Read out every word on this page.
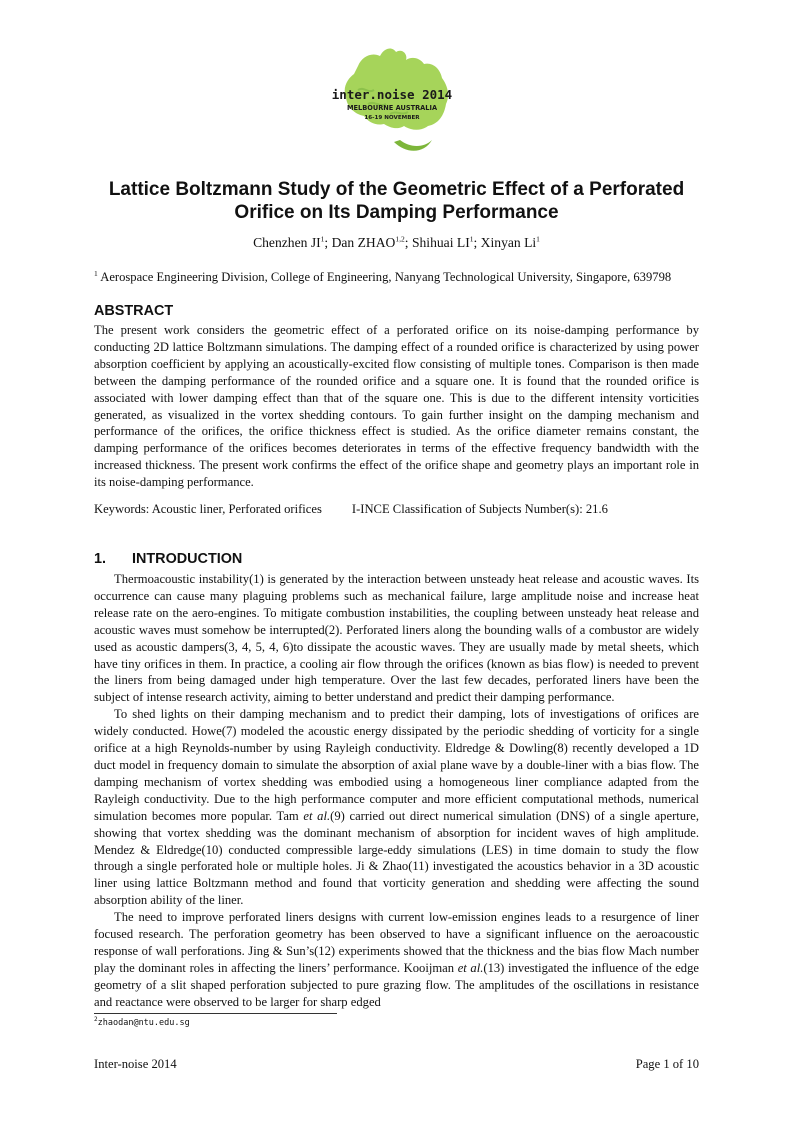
inter.noise 2014
MELBOURNE AUSTRALIA
16-19 NOVEMBER
Lattice Boltzmann Study of the Geometric Effect of a Perforated
Orifice on Its Damping Performance
Chenzhen $JI^1$; Dan ZHAO$^{1,2}$; Shihuai $LI^1$; Xinyan Li$^1$
$^1$ Aerospace Engineering Division, College of Engineering, Nanyang Technological University, Singapore, 639798
ABSTRACT

The present work considers the geometric effect of a perforated orifice on its noise-damping performance by conducting 2D lattice Boltzmann simulations. The damping effect of a rounded orifice is characterized by using power absorption coefficient by applying an acoustically-excited flow consisting of multiple tones. Comparison is then made between the damping performance of the rounded orifice and a square one. It is found that the rounded orifice is associated with lower damping effect than that of the square one. This is due to the different intensity vorticities generated, as visualized in the vortex shedding contours. To gain further insight on the damping mechanism and performance of the orifices, the orifice thickness effect is studied. As the orifice diameter remains constant, the damping performance of the orifices becomes deteriorates in terms of the effective frequency bandwidth with the increased thickness. The present work confirms the effect of the orifice shape and geometry plays an important role in its noise-damping performance.

Keywords: Acoustic liner, Perforated orifices I-INCE Classification of Subjects Number(s): 21.6
1. INTRODUCTION

Thermoacoustic instability(1) is generated by the interaction between unsteady heat release and acoustic waves. Its occurrence can cause many plaguing problems such as mechanical failure, large amplitude noise and increase heat release rate on the aero-engines. To mitigate combustion instabilities, the coupling between unsteady heat release and acoustic waves must somehow be interrupted(2). Perforated liners along the bounding walls of a combustor are widely used as acoustic dampers(3, 4, 5, 4, 6)to dissipate the acoustic waves. They are usually made by metal sheets, which have tiny orifices in them. In practice, a cooling air flow through the orifices (known as bias flow) is needed to prevent the liners from being damaged under high temperature. Over the last few decades, perforated liners have been the subject of intense research activity, aiming to better understand and predict their damping performance.

To shed lights on their damping mechanism and to predict their damping, lots of investigations of orifices are widely conducted. Howe(7) modeled the acoustic energy dissipated by the periodic shedding of vorticity for a single orifice at a high Reynolds-number by using Rayleigh conductivity. Eldredge & Dowling(8) recently developed a 1D duct model in frequency domain to simulate the absorption of axial plane wave by a double-liner with a bias flow. The damping mechanism of vortex shedding was embodied using a homogeneous liner compliance adapted from the Rayleigh conductivity. Due to the high performance computer and more efficient computational methods, numerical simulation becomes more popular. Tam et al.(9) carried out direct numerical simulation (DNS) of a single aperture, showing that vortex shedding was the dominant mechanism of absorption for incident waves of high amplitude. Mendez & Eldredge(10) conducted compressible large-eddy simulations (LES) in time domain to study the flow through a single perforated hole or multiple holes. Ji & Zhao(11) investigated the acoustics behavior in a 3D acoustic liner using lattice Boltzmann method and found that vorticity generation and shedding were affecting the sound absorption ability of the liner.

The need to improve perforated liners designs with current low-emission engines leads to a resurgence of liner focused research. The perforation geometry has been observed to have a significant influence on the aeroacoustic response of wall perforations. Jing & Sun’s(12) experiments showed that the thickness and the bias flow Mach number play the dominant roles in affecting the liners’ performance. Kooijman et al.(13) investigated the influence of the edge geometry of a slit shaped perforation subjected to pure grazing flow. The amplitudes of the oscillations in resistance and reactance were observed to be larger for sharp edged

$^2$zhaodan@ntu.edu.sg
Inter-noise 2014	Page 1 of 10
